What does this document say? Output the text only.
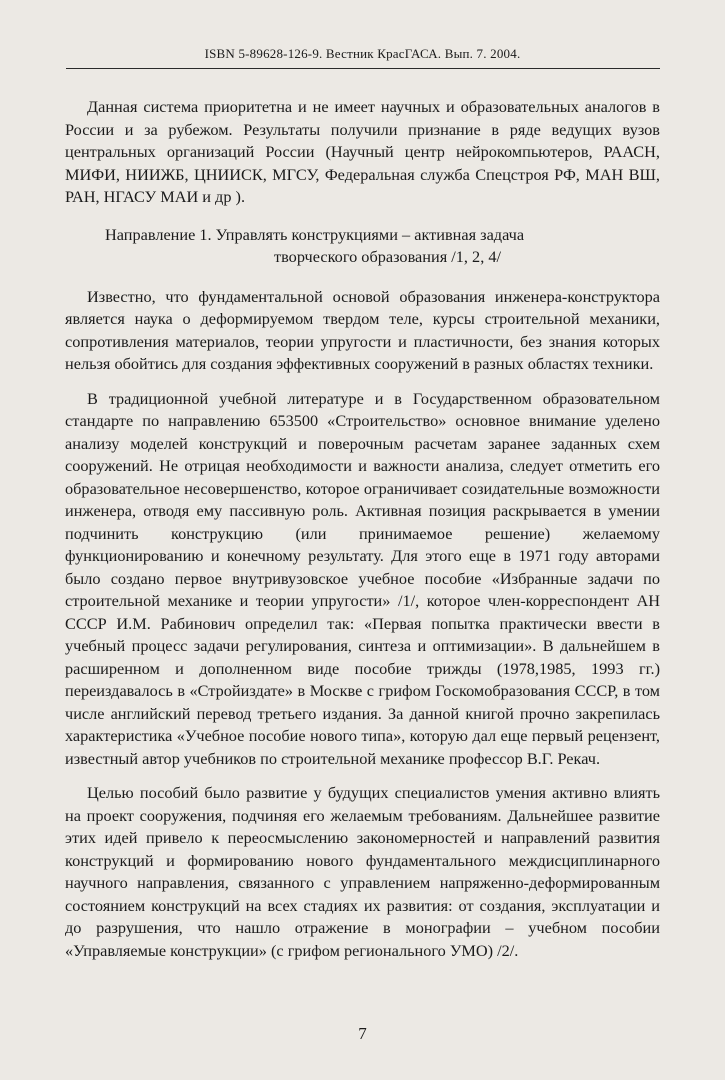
ISBN 5-89628-126-9. Вестник КрасГАСА. Вып. 7. 2004.

Данная система приоритетна и не имеет научных и образовательных аналогов в России и за рубежом. Результаты получили признание в ряде ведущих вузов центральных организаций России (Научный центр нейрокомпьютеров, РААСН, МИФИ, НИИЖБ, ЦНИИСК, МГСУ, Федеральная служба Спецстроя РФ, МАН ВШ, РАН, НГАСУ МАИ и др ).

Направление 1. Управлять конструкциями – активная задача
творческого образования /1, 2, 4/

Известно, что фундаментальной основой образования инженера-конструктора является наука о деформируемом твердом теле, курсы строительной механики, сопротивления материалов, теории упругости и пластичности, без знания которых нельзя обойтись для создания эффективных сооружений в разных областях техники.

В традиционной учебной литературе и в Государственном образовательном стандарте по направлению 653500 «Строительство» основное внимание уделено анализу моделей конструкций и поверочным расчетам заранее заданных схем сооружений. Не отрицая необходимости и важности анализа, следует отметить его образовательное несовершенство, которое ограничивает созидательные возможности инженера, отводя ему пассивную роль. Активная позиция раскрывается в умении подчинить конструкцию (или принимаемое решение) желаемому функционированию и конечному результату. Для этого еще в 1971 году авторами было создано первое внутривузовское учебное пособие «Избранные задачи по строительной механике и теории упругости» /1/, которое член-корреспондент АН СССР И.М. Рабинович определил так: «Первая попытка практически ввести в учебный процесс задачи регулирования, синтеза и оптимизации». В дальнейшем в расширенном и дополненном виде пособие трижды (1978,1985, 1993 гг.) переиздавалось в «Стройиздате» в Москве с грифом Госкомобразования СССР, в том числе английский перевод третьего издания. За данной книгой прочно закрепилась характеристика «Учебное пособие нового типа», которую дал еще первый рецензент, известный автор учебников по строительной механике профессор В.Г. Рекач.

Целью пособий было развитие у будущих специалистов умения активно влиять на проект сооружения, подчиняя его желаемым требованиям. Дальнейшее развитие этих идей привело к переосмыслению закономерностей и направлений развития конструкций и формированию нового фундаментального междисциплинарного научного направления, связанного с управлением напряженно-деформированным состоянием конструкций на всех стадиях их развития: от создания, эксплуатации и до разрушения, что нашло отражение в монографии – учебном пособии «Управляемые конструкции» (с грифом регионального УМО) /2/.

7
